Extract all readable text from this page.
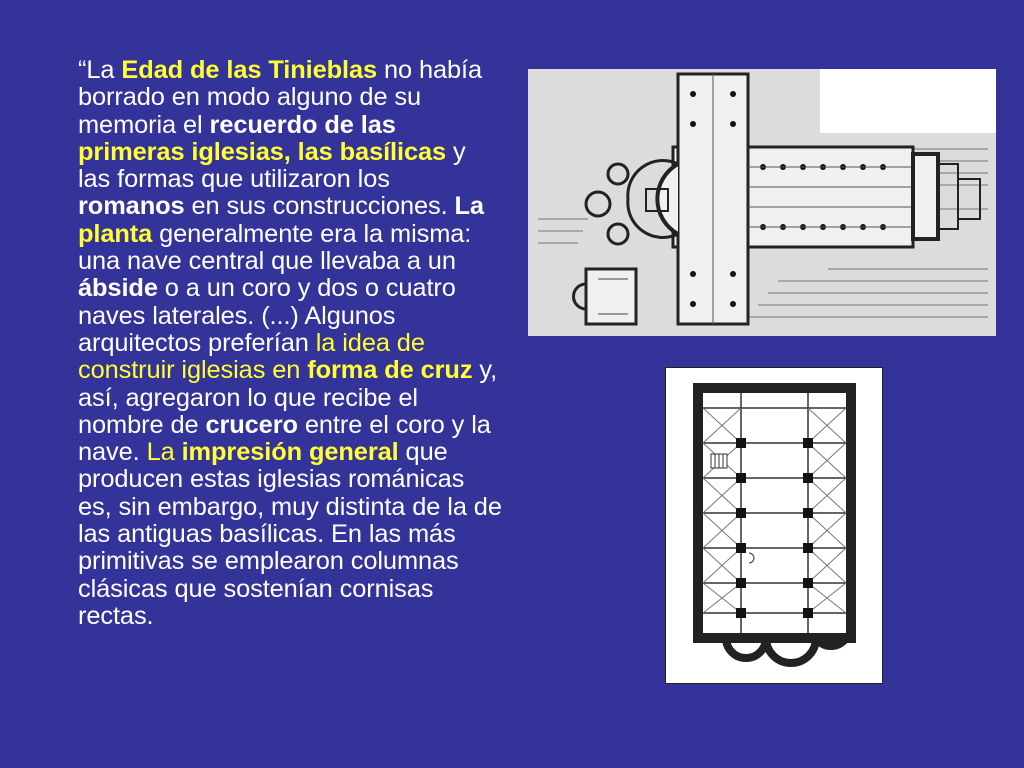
“La Edad de las Tinieblas no había borrado en modo alguno de su memoria el recuerdo de las primeras iglesias, las basílicas y las formas que utilizaron los romanos en sus construcciones. La planta generalmente era la misma: una nave central que llevaba a un ábside o a un coro y dos o cuatro naves laterales. (...) Algunos arquitectos preferían la idea de construir iglesias en forma de cruz y, así, agregaron lo que recibe el nombre de crucero entre el coro y la nave. La impresión general que producen estas iglesias románicas es, sin embargo, muy distinta de la de las antiguas basílicas. En las más primitivas se emplearon columnas clásicas que sostenían cornisas rectas.
